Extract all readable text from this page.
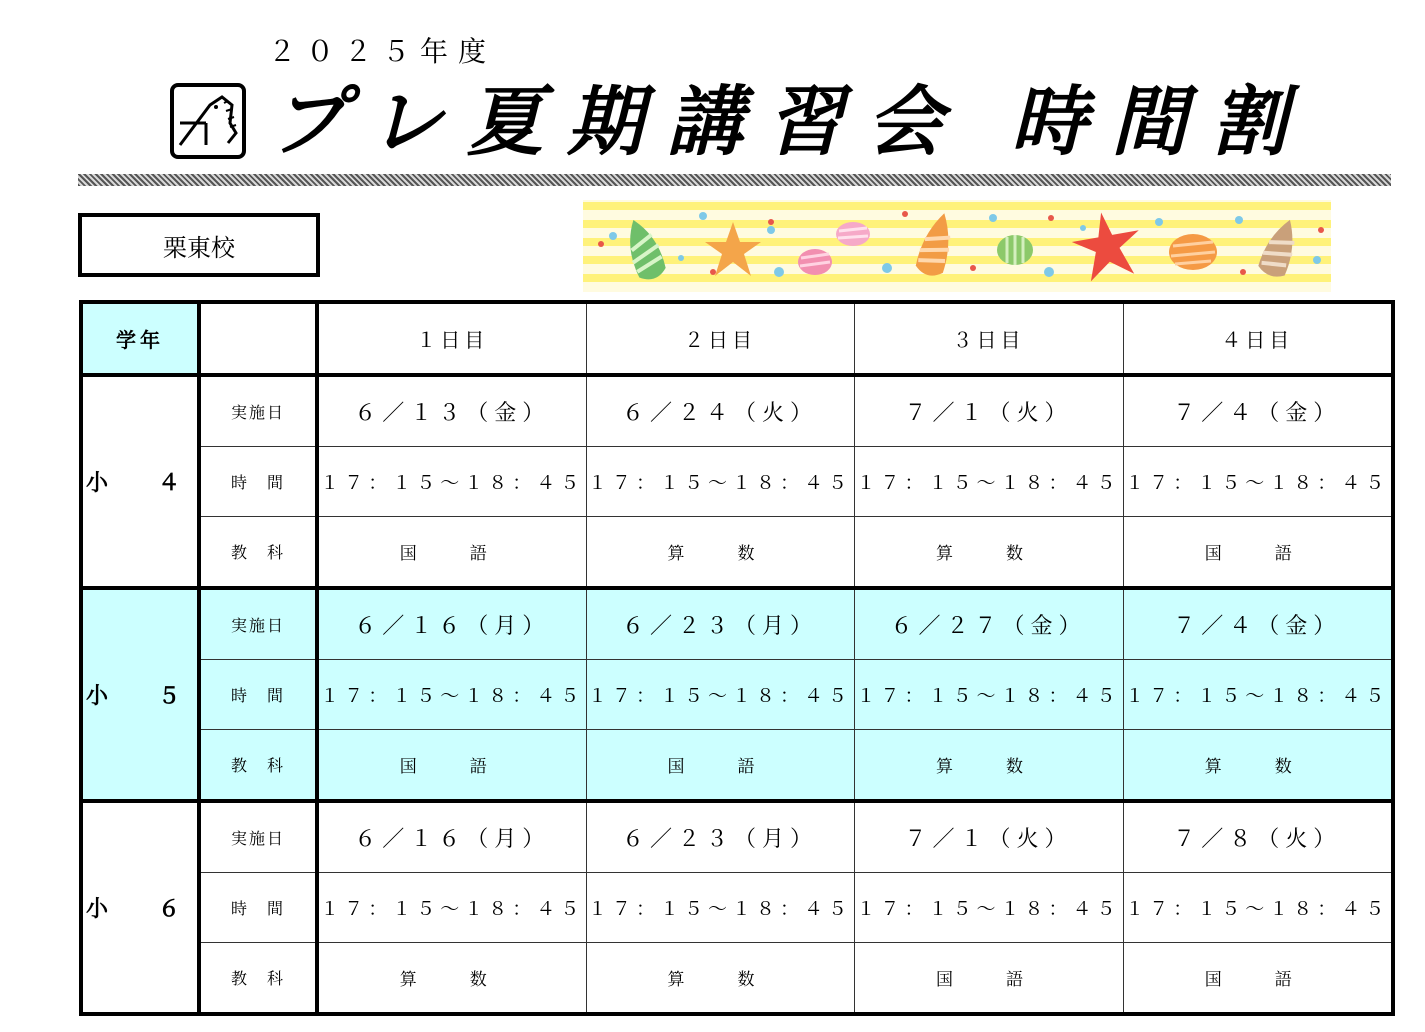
２０２５年度
プレ夏期講習会 時間割
栗東校
学年		１日目	２日目	３日目	４日目
小　４	実施日	６／１３（金）	６／２４（火）	７／１（火）	７／４（金）
	時　間	１７：１５～１８：４５	１７：１５～１８：４５	１７：１５～１８：４５	１７：１５～１８：４５
	教　科	国　語	算　数	算　数	国　語
小　５	実施日	６／１６（月）	６／２３（月）	６／２７（金）	７／４（金）
	時　間	１７：１５～１８：４５	１７：１５～１８：４５	１７：１５～１８：４５	１７：１５～１８：４５
	教　科	国　語	国　語	算　数	算　数
小　６	実施日	６／１６（月）	６／２３（月）	７／１（火）	７／８（火）
	時　間	１７：１５～１８：４５	１７：１５～１８：４５	１７：１５～１８：４５	１７：１５～１８：４５
	教　科	算　数	算　数	国　語	国　語
